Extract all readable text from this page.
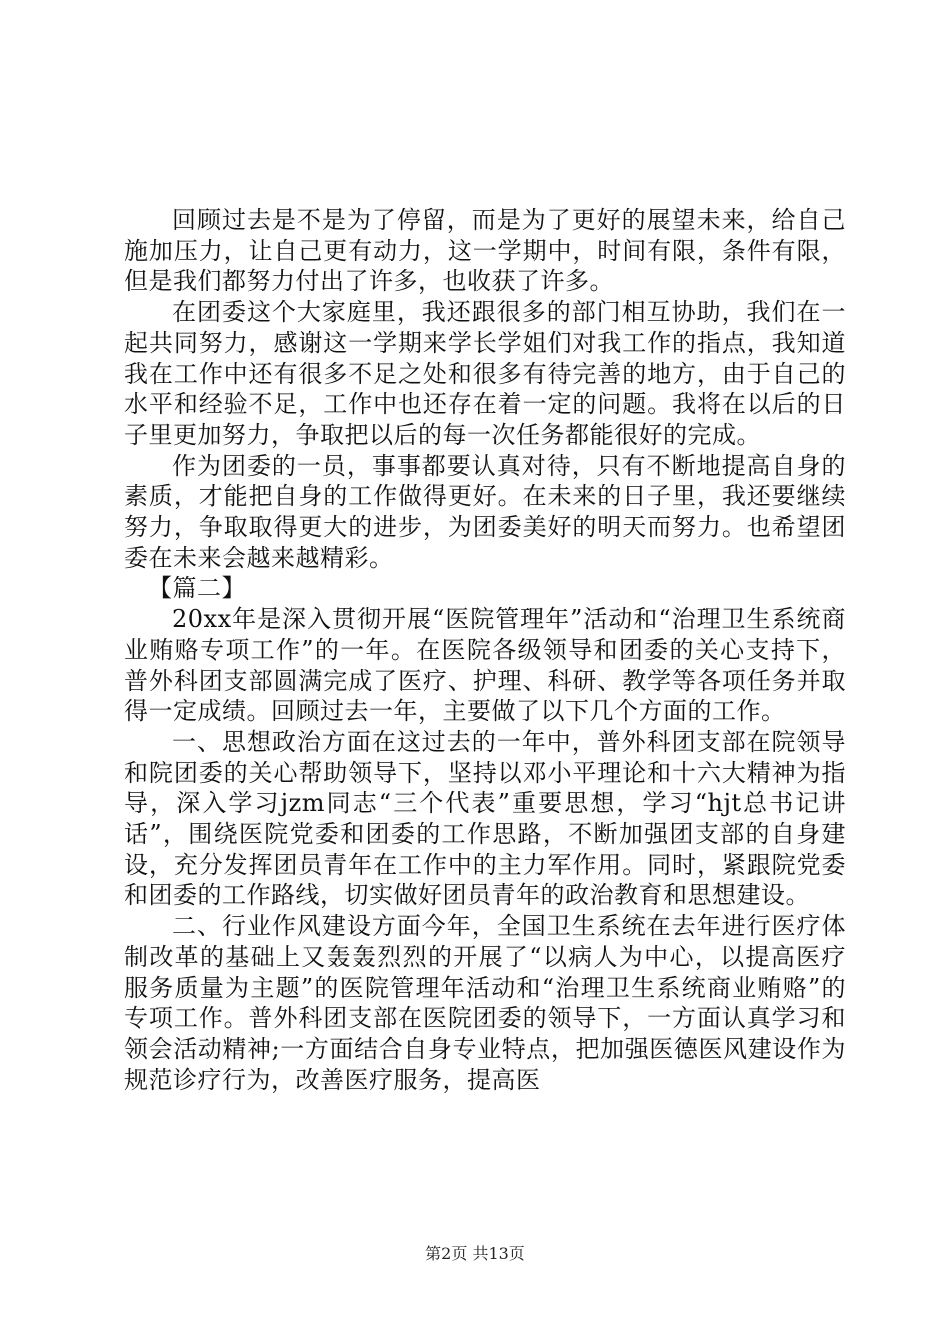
回顾过去是不是为了停留，而是为了更好的展望未来，给自己施加压力，让自己更有动力，这一学期中，时间有限，条件有限，但是我们都努力付出了许多，也收获了许多。

在团委这个大家庭里，我还跟很多的部门相互协助，我们在一起共同努力，感谢这一学期来学长学姐们对我工作的指点，我知道我在工作中还有很多不足之处和很多有待完善的地方，由于自己的水平和经验不足，工作中也还存在着一定的问题。我将在以后的日子里更加努力，争取把以后的每一次任务都能很好的完成。

作为团委的一员，事事都要认真对待，只有不断地提高自身的素质，才能把自身的工作做得更好。在未来的日子里，我还要继续努力，争取取得更大的进步，为团委美好的明天而努力。也希望团委在未来会越来越精彩。

【篇二】

20xx年是深入贯彻开展“医院管理年”活动和“治理卫生系统商业贿赂专项工作”的一年。在医院各级领导和团委的关心支持下，普外科团支部圆满完成了医疗、护理、科研、教学等各项任务并取得一定成绩。回顾过去一年，主要做了以下几个方面的工作。

一、思想政治方面在这过去的一年中，普外科团支部在院领导和院团委的关心帮助领导下，坚持以邓小平理论和十六大精神为指导，深入学习jzm同志“三个代表”重要思想，学习“hjt总书记讲话”，围绕医院党委和团委的工作思路，不断加强团支部的自身建设，充分发挥团员青年在工作中的主力军作用。同时，紧跟院党委和团委的工作路线，切实做好团员青年的政治教育和思想建设。

二、行业作风建设方面今年，全国卫生系统在去年进行医疗体制改革的基础上又轰轰烈烈的开展了“以病人为中心，以提高医疗服务质量为主题”的医院管理年活动和“治理卫生系统商业贿赂”的专项工作。普外科团支部在医院团委的领导下，一方面认真学习和领会活动精神;一方面结合自身专业特点，把加强医德医风建设作为规范诊疗行为，改善医疗服务，提高医

第2页 共13页
